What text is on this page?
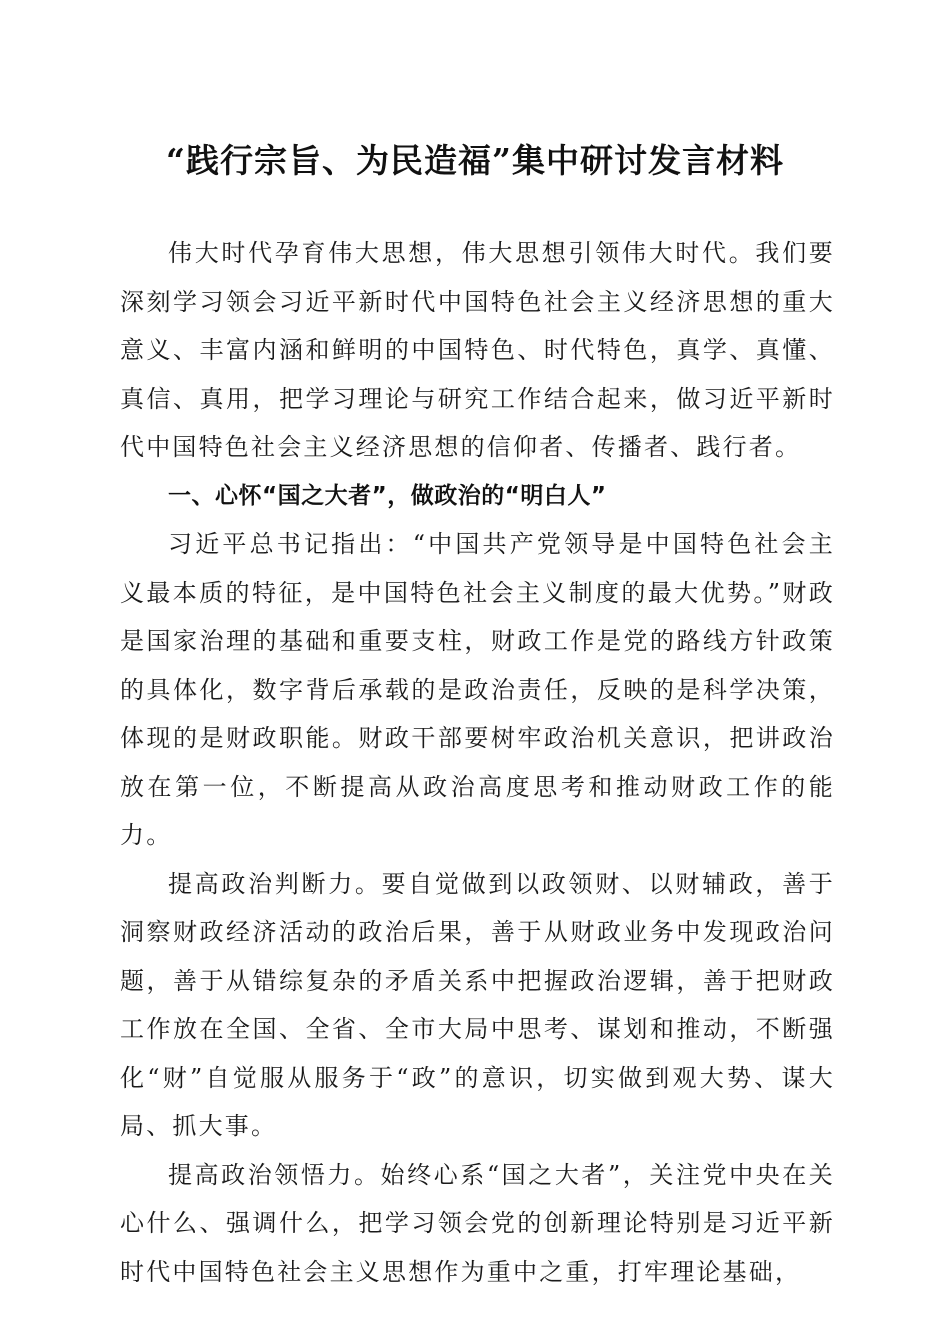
“践行宗旨、为民造福”集中研讨发言材料

伟大时代孕育伟大思想，伟大思想引领伟大时代。我们要深刻学习领会习近平新时代中国特色社会主义经济思想的重大意义、丰富内涵和鲜明的中国特色、时代特色，真学、真懂、真信、真用，把学习理论与研究工作结合起来，做习近平新时代中国特色社会主义经济思想的信仰者、传播者、践行者。

一、心怀“国之大者”，做政治的“明白人”

习近平总书记指出：“中国共产党领导是中国特色社会主义最本质的特征，是中国特色社会主义制度的最大优势。”财政是国家治理的基础和重要支柱，财政工作是党的路线方针政策的具体化，数字背后承载的是政治责任，反映的是科学决策，体现的是财政职能。财政干部要树牢政治机关意识，把讲政治放在第一位，不断提高从政治高度思考和推动财政工作的能力。

提高政治判断力。要自觉做到以政领财、以财辅政，善于洞察财政经济活动的政治后果，善于从财政业务中发现政治问题，善于从错综复杂的矛盾关系中把握政治逻辑，善于把财政工作放在全国、全省、全市大局中思考、谋划和推动，不断强化“财”自觉服从服务于“政”的意识，切实做到观大势、谋大局、抓大事。

提高政治领悟力。始终心系“国之大者”，关注党中央在关心什么、强调什么，把学习领会党的创新理论特别是习近平新时代中国特色社会主义思想作为重中之重，打牢理论基础，
